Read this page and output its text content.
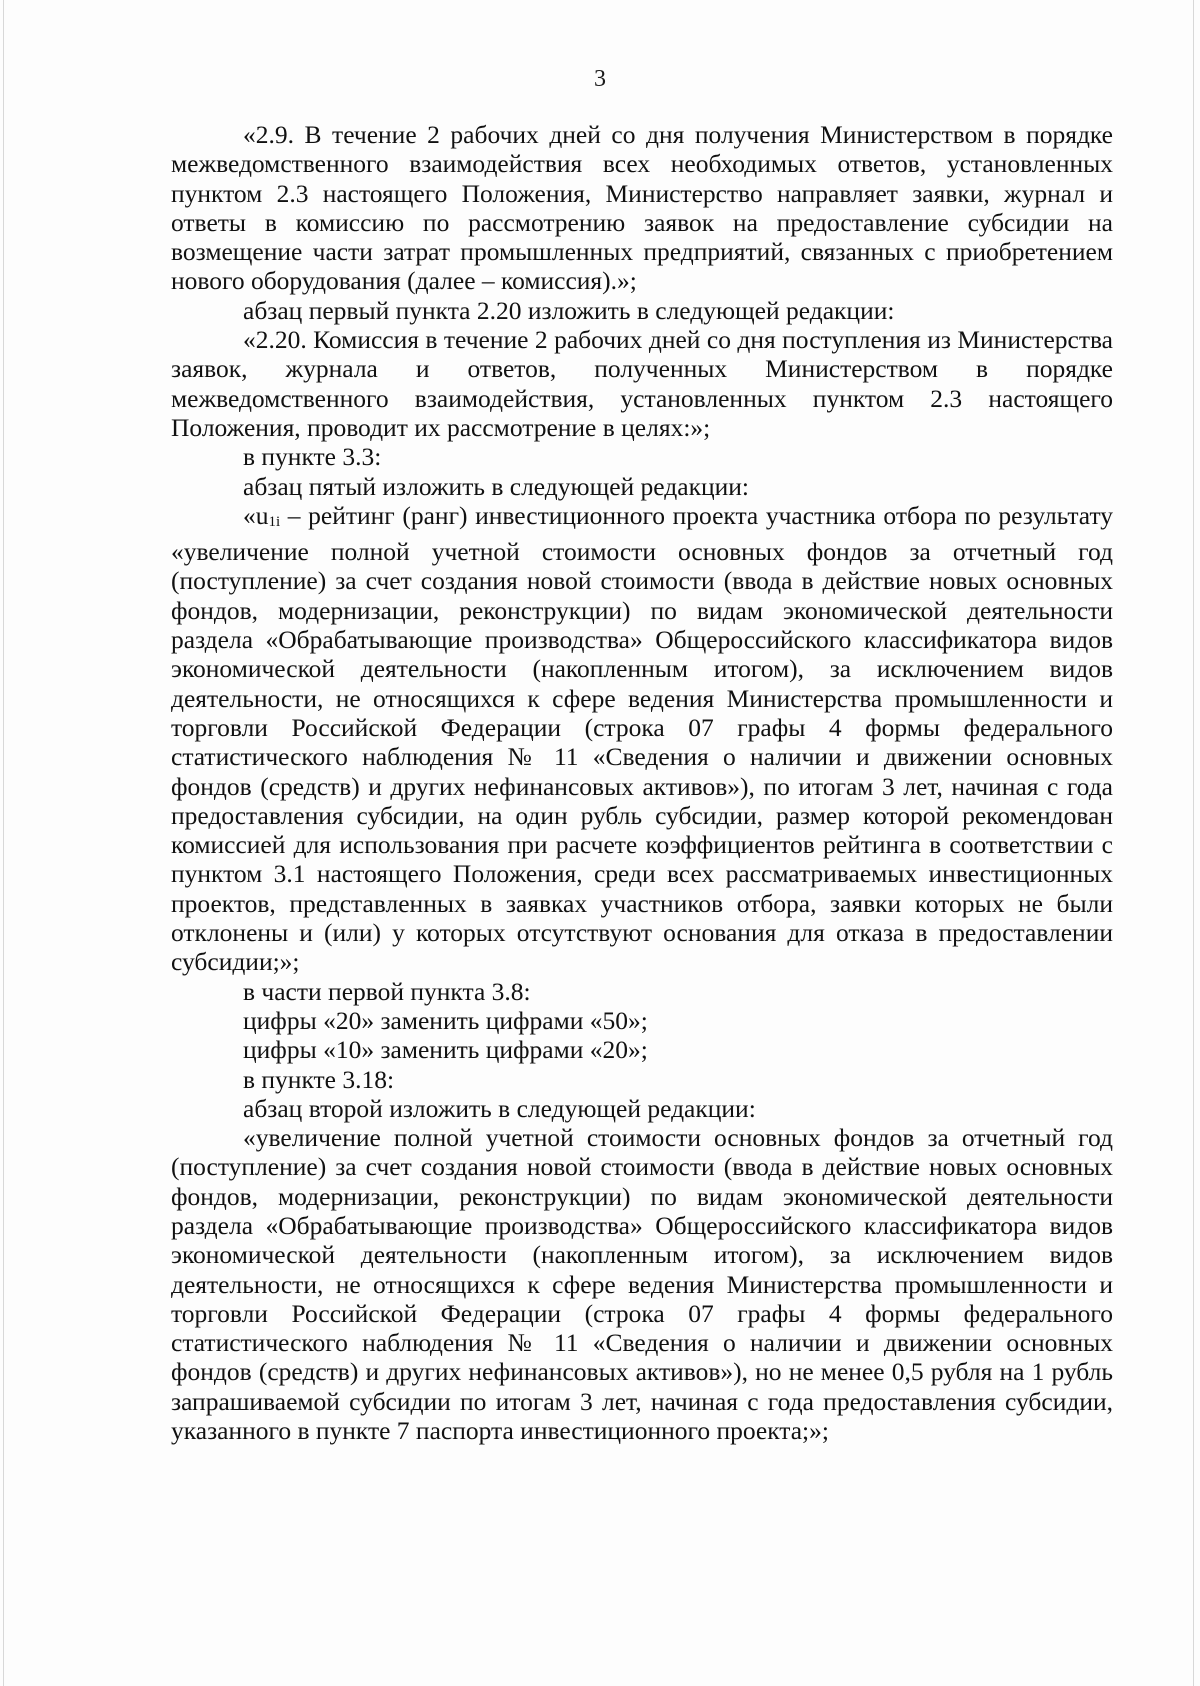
3

«2.9. В течение 2 рабочих дней со дня получения Министерством в порядке межведомственного взаимодействия всех необходимых ответов, установленных пунктом 2.3 настоящего Положения, Министерство направляет заявки, журнал и ответы в комиссию по рассмотрению заявок на предоставление субсидии на возмещение части затрат промышленных предприятий, связанных с приобретением нового оборудования (далее – комиссия).»;

абзац первый пункта 2.20 изложить в следующей редакции:

«2.20. Комиссия в течение 2 рабочих дней со дня поступления из Министерства заявок, журнала и ответов, полученных Министерством в порядке межведомственного взаимодействия, установленных пунктом 2.3 настоящего Положения, проводит их рассмотрение в целях:»;

в пункте 3.3:

абзац пятый изложить в следующей редакции:

«u1i – рейтинг (ранг) инвестиционного проекта участника отбора по результату «увеличение полной учетной стоимости основных фондов за отчетный год (поступление) за счет создания новой стоимости (ввода в действие новых основных фондов, модернизации, реконструкции) по видам экономической деятельности раздела «Обрабатывающие производства» Общероссийского классификатора видов экономической деятельности (накопленным итогом), за исключением видов деятельности, не относящихся к сфере ведения Министерства промышленности и торговли Российской Федерации (строка 07 графы 4 формы федерального статистического наблюдения № 11 «Сведения о наличии и движении основных фондов (средств) и других нефинансовых активов»), по итогам 3 лет, начиная с года предоставления субсидии, на один рубль субсидии, размер которой рекомендован комиссией для использования при расчете коэффициентов рейтинга в соответствии с пунктом 3.1 настоящего Положения, среди всех рассматриваемых инвестиционных проектов, представленных в заявках участников отбора, заявки которых не были отклонены и (или) у которых отсутствуют основания для отказа в предоставлении субсидии;»;

в части первой пункта 3.8:

цифры «20» заменить цифрами «50»;

цифры «10» заменить цифрами «20»;

в пункте 3.18:

абзац второй изложить в следующей редакции:

«увеличение полной учетной стоимости основных фондов за отчетный год (поступление) за счет создания новой стоимости (ввода в действие новых основных фондов, модернизации, реконструкции) по видам экономической деятельности раздела «Обрабатывающие производства» Общероссийского классификатора видов экономической деятельности (накопленным итогом), за исключением видов деятельности, не относящихся к сфере ведения Министерства промышленности и торговли Российской Федерации (строка 07 графы 4 формы федерального статистического наблюдения № 11 «Сведения о наличии и движении основных фондов (средств) и других нефинансовых активов»), но не менее 0,5 рубля на 1 рубль запрашиваемой субсидии по итогам 3 лет, начиная с года предоставления субсидии, указанного в пункте 7 паспорта инвестиционного проекта;»;
